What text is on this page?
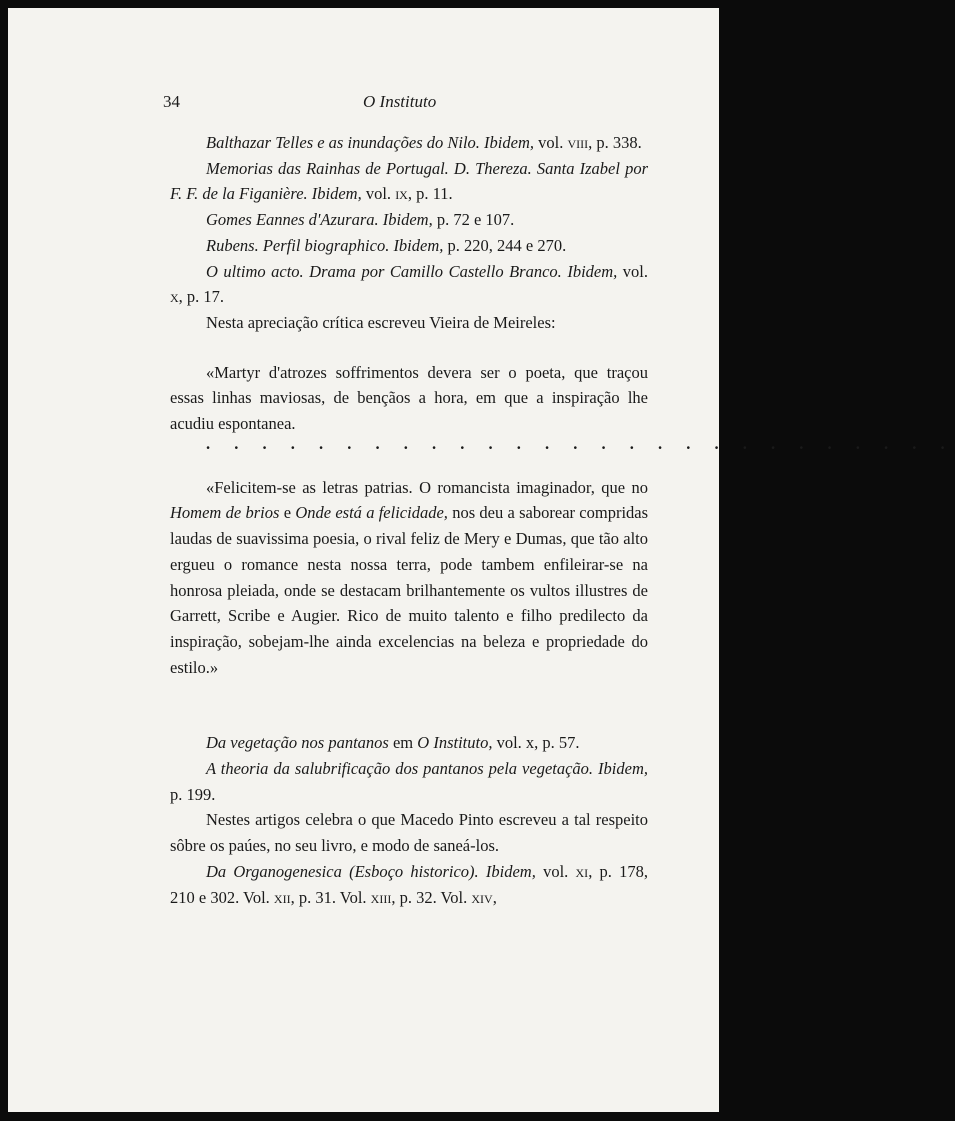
34	O Instituto

Balthazar Telles e as inundações do Nilo. Ibidem, vol. viii, p. 338.

Memorias das Rainhas de Portugal. D. Thereza. Santa Izabel por F. F. de la Figanière. Ibidem, vol. ix, p. 11.

Gomes Eannes d'Azurara. Ibidem, p. 72 e 107.

Rubens. Perfil biographico. Ibidem, p. 220, 244 e 270.

O ultimo acto. Drama por Camillo Castello Branco. Ibidem, vol. x, p. 17.

Nesta apreciação crítica escreveu Vieira de Meireles:

«Martyr d'atrozes soffrimentos devera ser o poeta, que traçou essas linhas maviosas, de bençãos a hora, em que a inspiração lhe acudiu espontanea.

. . . . . . . . . . . . . . . . . . . . . . . . . . .

«Felicitem-se as letras patrias. O romancista imaginador, que no Homem de brios e Onde está a felicidade, nos deu a saborear compridas laudas de suavissima poesia, o rival feliz de Mery e Dumas, que tão alto ergueu o romance nesta nossa terra, pode tambem enfileirar-se na honrosa pleiada, onde se destacam brilhantemente os vultos illustres de Garrett, Scribe e Augier. Rico de muito talento e filho predilecto da inspiração, sobejam-lhe ainda excelencias na beleza e propriedade do estilo.»

Da vegetação nos pantanos em O Instituto, vol. x, p. 57.

A theoria da salubrificação dos pantanos pela vegetação. Ibidem, p. 199.

Nestes artigos celebra o que Macedo Pinto escreveu a tal respeito sôbre os paúes, no seu livro, e modo de saneá-los.

Da Organogenesica (Esboço historico). Ibidem, vol. xi, p. 178, 210 e 302. Vol. xii, p. 31. Vol. xiii, p. 32. Vol. xiv,
